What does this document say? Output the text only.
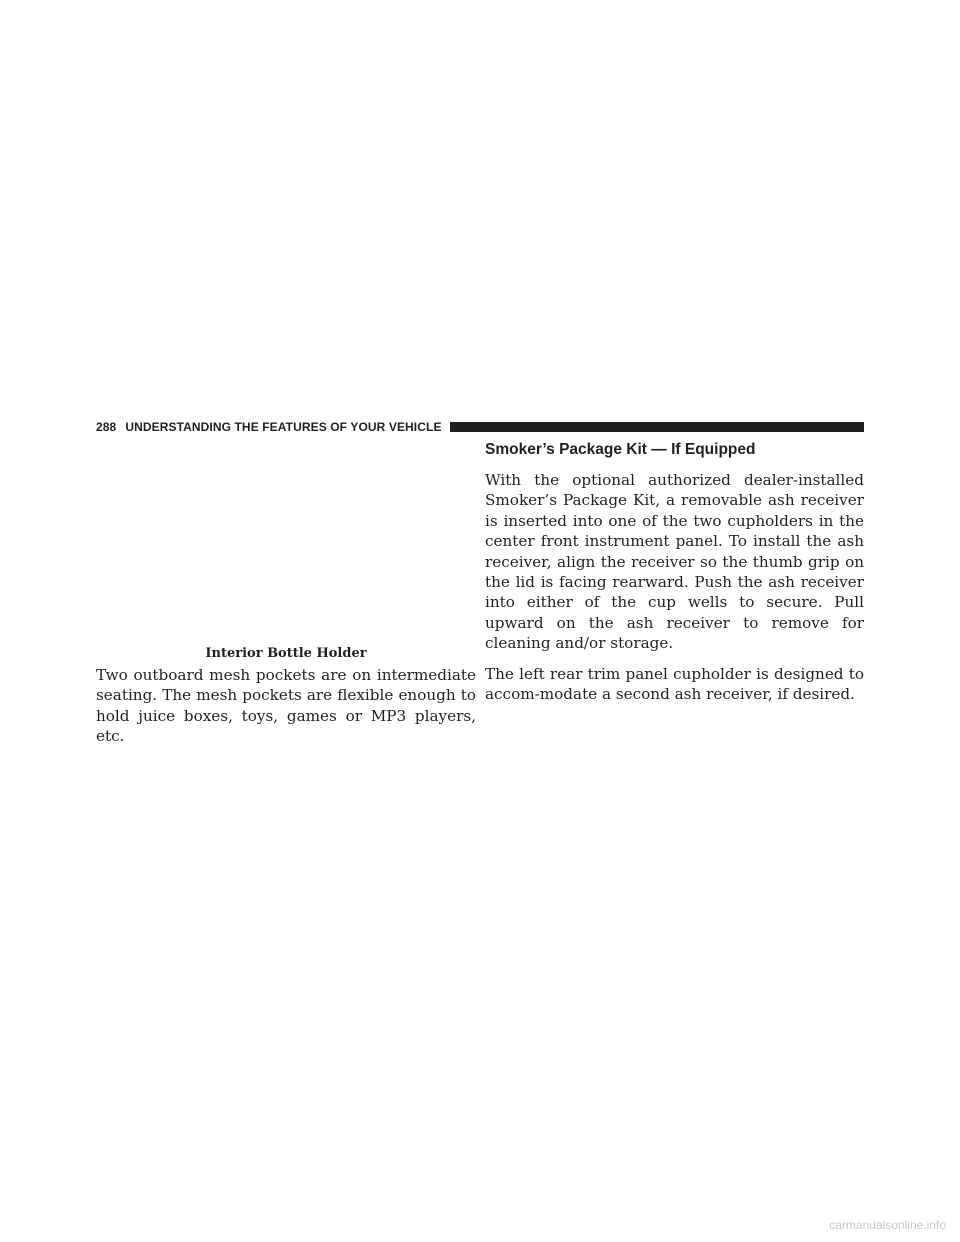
288 UNDERSTANDING THE FEATURES OF YOUR VEHICLE
Interior Bottle Holder

Two outboard mesh pockets are on intermediate seating. The mesh pockets are flexible enough to hold juice boxes, toys, games or MP3 players, etc.

Smoker’s Package Kit — If Equipped

With the optional authorized dealer-installed Smoker’s Package Kit, a removable ash receiver is inserted into one of the two cupholders in the center front instrument panel. To install the ash receiver, align the receiver so the thumb grip on the lid is facing rearward. Push the ash receiver into either of the cup wells to secure. Pull upward on the ash receiver to remove for cleaning and/or storage.

The left rear trim panel cupholder is designed to accom-modate a second ash receiver, if desired.

carmanualsonline.info
